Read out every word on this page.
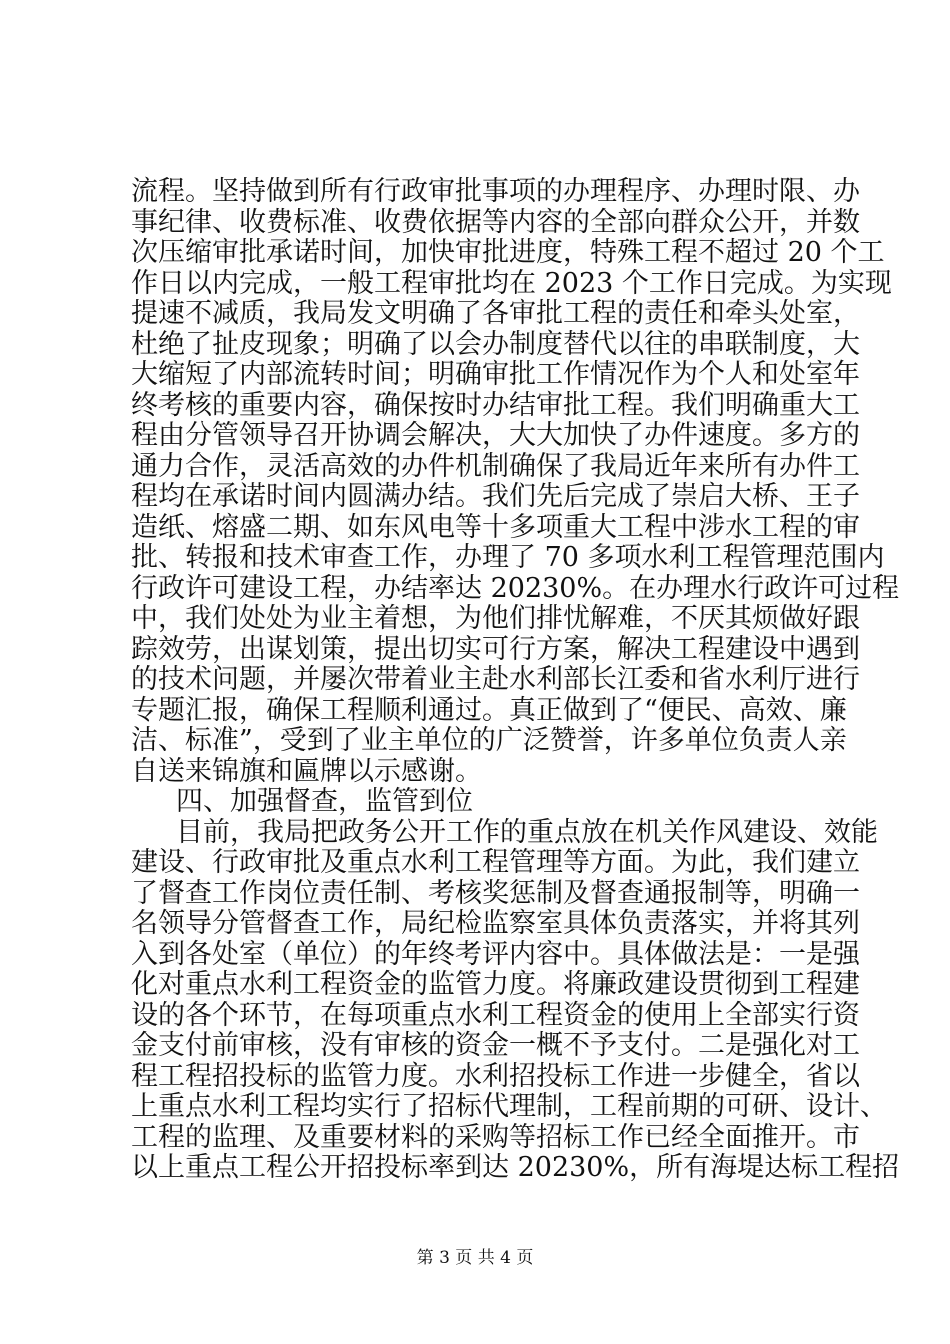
流程。坚持做到所有行政审批事项的办理程序、办理时限、办
事纪律、收费标准、收费依据等内容的全部向群众公开，并数
次压缩审批承诺时间，加快审批进度，特殊工程不超过 20 个工
作日以内完成，一般工程审批均在 2023 个工作日完成。为实现
提速不减质，我局发文明确了各审批工程的责任和牵头处室，
杜绝了扯皮现象；明确了以会办制度替代以往的串联制度，大
大缩短了内部流转时间；明确审批工作情况作为个人和处室年
终考核的重要内容，确保按时办结审批工程。我们明确重大工
程由分管领导召开协调会解决，大大加快了办件速度。多方的
通力合作，灵活高效的办件机制确保了我局近年来所有办件工
程均在承诺时间内圆满办结。我们先后完成了崇启大桥、王子
造纸、熔盛二期、如东风电等十多项重大工程中涉水工程的审
批、转报和技术审查工作，办理了 70 多项水利工程管理范围内
行政许可建设工程，办结率达 20230%。在办理水行政许可过程
中，我们处处为业主着想，为他们排忧解难，不厌其烦做好跟
踪效劳，出谋划策，提出切实可行方案，解决工程建设中遇到
的技术问题，并屡次带着业主赴水利部长江委和省水利厅进行
专题汇报，确保工程顺利通过。真正做到了“便民、高效、廉
洁、标准”，受到了业主单位的广泛赞誉，许多单位负责人亲
自送来锦旗和匾牌以示感谢。
四、加强督查，监管到位
目前，我局把政务公开工作的重点放在机关作风建设、效能
建设、行政审批及重点水利工程管理等方面。为此，我们建立
了督查工作岗位责任制、考核奖惩制及督查通报制等，明确一
名领导分管督查工作，局纪检监察室具体负责落实，并将其列
入到各处室（单位）的年终考评内容中。具体做法是：一是强
化对重点水利工程资金的监管力度。将廉政建设贯彻到工程建
设的各个环节，在每项重点水利工程资金的使用上全部实行资
金支付前审核，没有审核的资金一概不予支付。二是强化对工
程工程招投标的监管力度。水利招投标工作进一步健全，省以
上重点水利工程均实行了招标代理制，工程前期的可研、设计、
工程的监理、及重要材料的采购等招标工作已经全面推开。市
以上重点工程公开招投标率到达 20230%，所有海堤达标工程招
第 3 页 共 4 页
